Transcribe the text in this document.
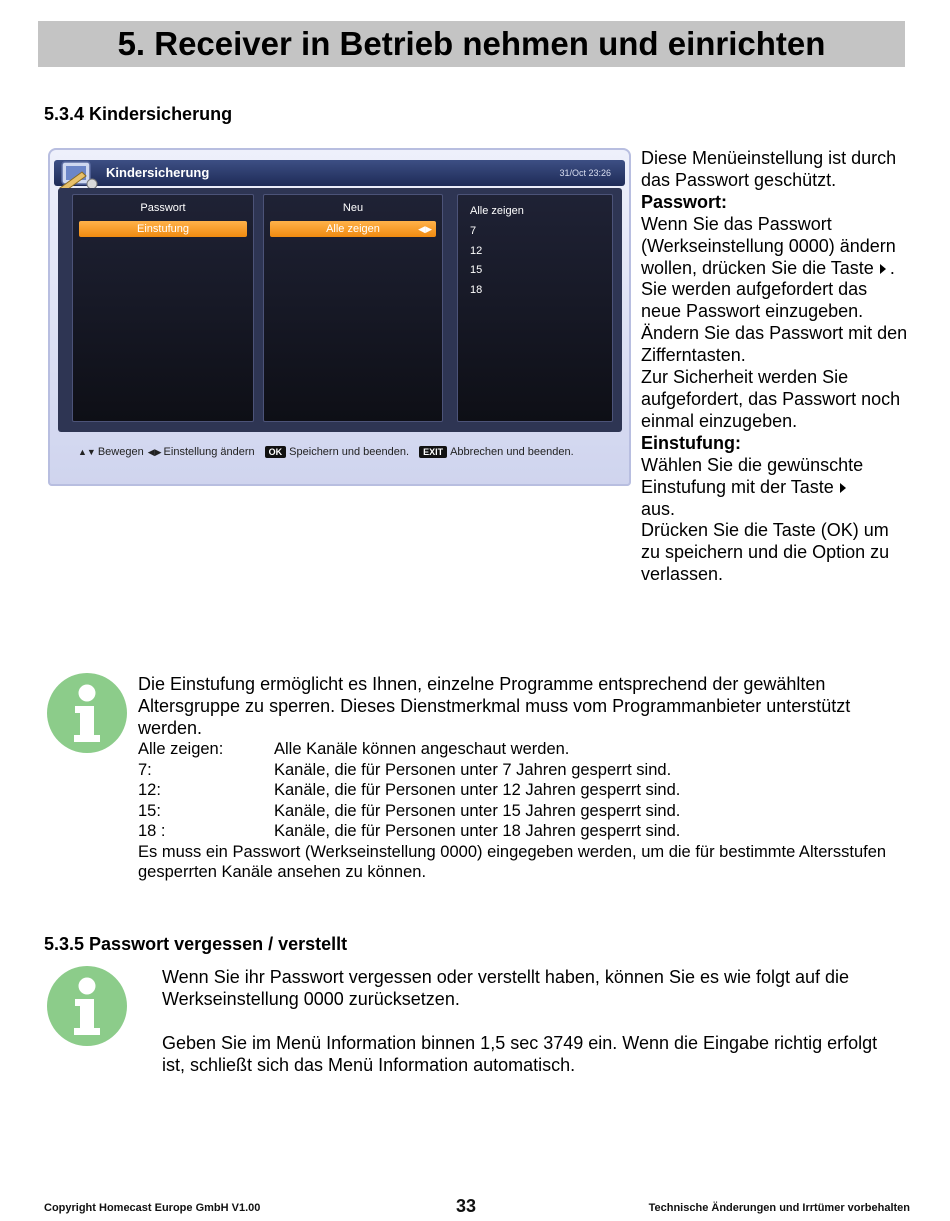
5. Receiver in Betrieb nehmen und einrichten
5.3.4 Kindersicherung
Kindersicherung	31/Oct 23:26
Passwort
Einstufung
Neu
Alle zeigen	◀▶
Alle zeigen
7
12
15
18
▲▼ Bewegen ◀▶ Einstellung ändern	OK Speichern und beenden.	EXIT Abbrechen und beenden.

Diese Menüeinstellung ist durch das Passwort geschützt.

Passwort:

Wenn Sie das Passwort (Werkseinstellung 0000) ändern wollen, drücken Sie die Taste .

Sie werden aufgefordert das neue Passwort einzugeben. Ändern Sie das Passwort mit den Zifferntasten.

Zur Sicherheit werden Sie aufgefordert, das Passwort noch einmal einzugeben.

Einstufung:

Wählen Sie die gewünschte Einstufung mit der Taste
aus.

Drücken Sie die Taste (OK) um zu speichern und die Option zu verlassen.

Die Einstufung ermöglicht es Ihnen, einzelne Programme entsprechend der gewählten Altersgruppe zu sperren. Dieses Dienstmerkmal muss vom Programmanbieter unterstützt werden.

Alle zeigen:	Alle Kanäle können angeschaut werden.
7:	Kanäle, die für Personen unter 7 Jahren gesperrt sind.
12:	Kanäle, die für Personen unter 12 Jahren gesperrt sind.
15:	Kanäle, die für Personen unter 15 Jahren gesperrt sind.
18 :	Kanäle, die für Personen unter 18 Jahren gesperrt sind.

Es muss ein Passwort (Werkseinstellung 0000) eingegeben werden, um die für bestimmte Altersstufen gesperrten Kanäle ansehen zu können.

5.3.5 Passwort vergessen / verstellt

Wenn Sie ihr Passwort vergessen oder verstellt haben, können Sie es wie folgt auf die Werkseinstellung 0000 zurücksetzen.

Geben Sie im Menü Information binnen 1,5 sec 3749 ein. Wenn die Eingabe richtig erfolgt ist, schließt sich das Menü Information automatisch.

Copyright Homecast Europe GmbH V1.00	33	Technische Änderungen und Irrtümer vorbehalten
